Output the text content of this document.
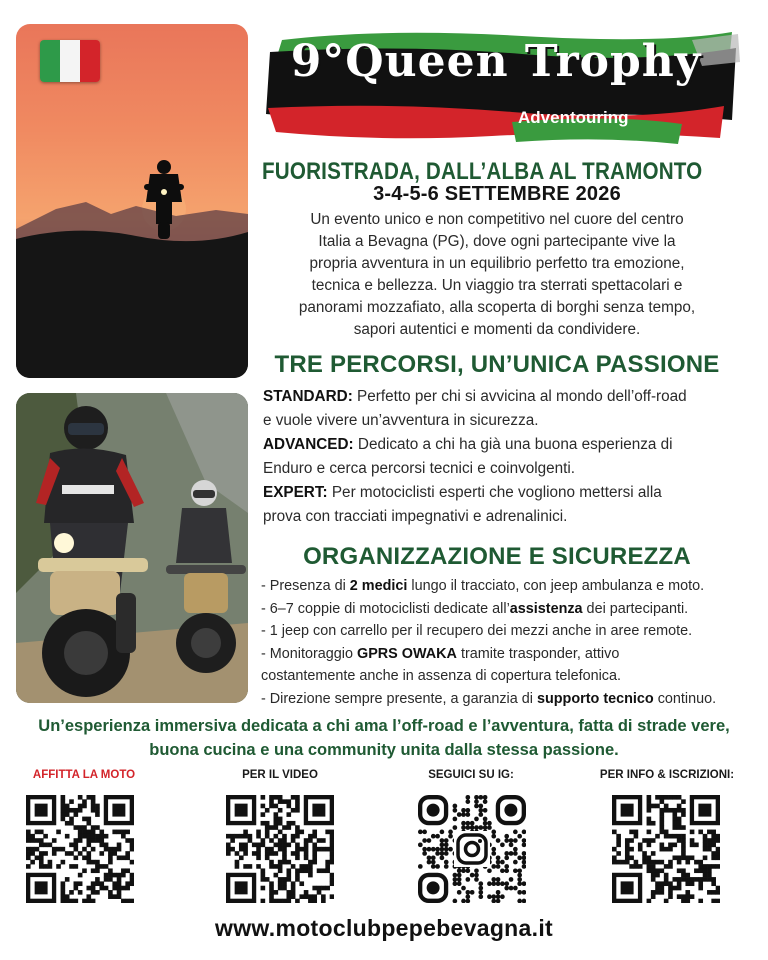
9°Queen Trophy
Adventouring
FUORISTRADA, DALL’ALBA AL TRAMONTO
3-4-5-6 SETTEMBRE 2026
Un evento unico e non competitivo nel cuore del centro
Italia a Bevagna (PG), dove ogni partecipante vive la
propria avventura in un equilibrio perfetto tra emozione,
tecnica e bellezza. Un viaggio tra sterrati spettacolari e
panorami mozzafiato, alla scoperta di borghi senza tempo,
sapori autentici e momenti da condividere.
TRE PERCORSI, UN’UNICA PASSIONE
STANDARD: Perfetto per chi si avvicina al mondo dell’off-road
e vuole vivere un’avventura in sicurezza.
ADVANCED: Dedicato a chi ha già una buona esperienza di
Enduro e cerca percorsi tecnici e coinvolgenti.
EXPERT: Per motociclisti esperti che vogliono mettersi alla
prova con tracciati impegnativi e adrenalinici.
ORGANIZZAZIONE E SICUREZZA
- Presenza di 2 medici lungo il tracciato, con jeep ambulanza e moto.
- 6–7 coppie di motociclisti dedicate all’assistenza dei partecipanti.
- 1 jeep con carrello per il recupero dei mezzi anche in aree remote.
- Monitoraggio GPRS OWAKA tramite trasponder, attivo
costantemente anche in assenza di copertura telefonica.
- Direzione sempre presente, a garanzia di supporto tecnico continuo.
Un’esperienza immersiva dedicata a chi ama l’off-road e l’avventura, fatta di strade vere,
buona cucina e una community unita dalla stessa passione.
AFFITTA LA MOTO	PER IL VIDEO	SEGUICI SU IG:	PER INFO & ISCRIZIONI:
www.motoclubpepebevagna.it
